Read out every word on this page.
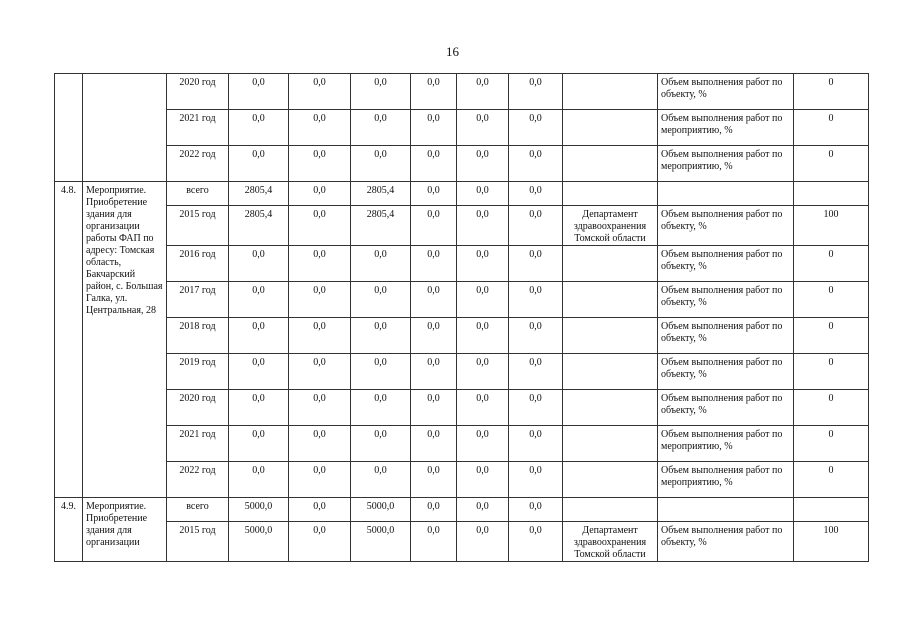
16
		2020 год	0,0	0,0	0,0	0,0	0,0	0,0		Объем выполнения работ по объекту, %	0
		2021 год	0,0	0,0	0,0	0,0	0,0	0,0		Объем выполнения работ по мероприятию, %	0
		2022 год	0,0	0,0	0,0	0,0	0,0	0,0		Объем выполнения работ по мероприятию, %	0
4.8.	Мероприятие. Приобретение здания для организации работы ФАП по адресу: Томская область, Бакчарский район, с. Большая Галка, ул. Центральная, 28	всего	2805,4	0,0	2805,4	0,0	0,0	0,0			
		2015 год	2805,4	0,0	2805,4	0,0	0,0	0,0	Департамент здравоохранения Томской области	Объем выполнения работ по объекту, %	100
		2016 год	0,0	0,0	0,0	0,0	0,0	0,0		Объем выполнения работ по объекту, %	0
		2017 год	0,0	0,0	0,0	0,0	0,0	0,0		Объем выполнения работ по объекту, %	0
		2018 год	0,0	0,0	0,0	0,0	0,0	0,0		Объем выполнения работ по объекту, %	0
		2019 год	0,0	0,0	0,0	0,0	0,0	0,0		Объем выполнения работ по объекту, %	0
		2020 год	0,0	0,0	0,0	0,0	0,0	0,0		Объем выполнения работ по объекту, %	0
		2021 год	0,0	0,0	0,0	0,0	0,0	0,0		Объем выполнения работ по мероприятию, %	0
		2022 год	0,0	0,0	0,0	0,0	0,0	0,0		Объем выполнения работ по мероприятию, %	0
4.9.	Мероприятие. Приобретение здания для организации	всего	5000,0	0,0	5000,0	0,0	0,0	0,0			
		2015 год	5000,0	0,0	5000,0	0,0	0,0	0,0	Департамент здравоохранения Томской области	Объем выполнения работ по объекту, %	100
